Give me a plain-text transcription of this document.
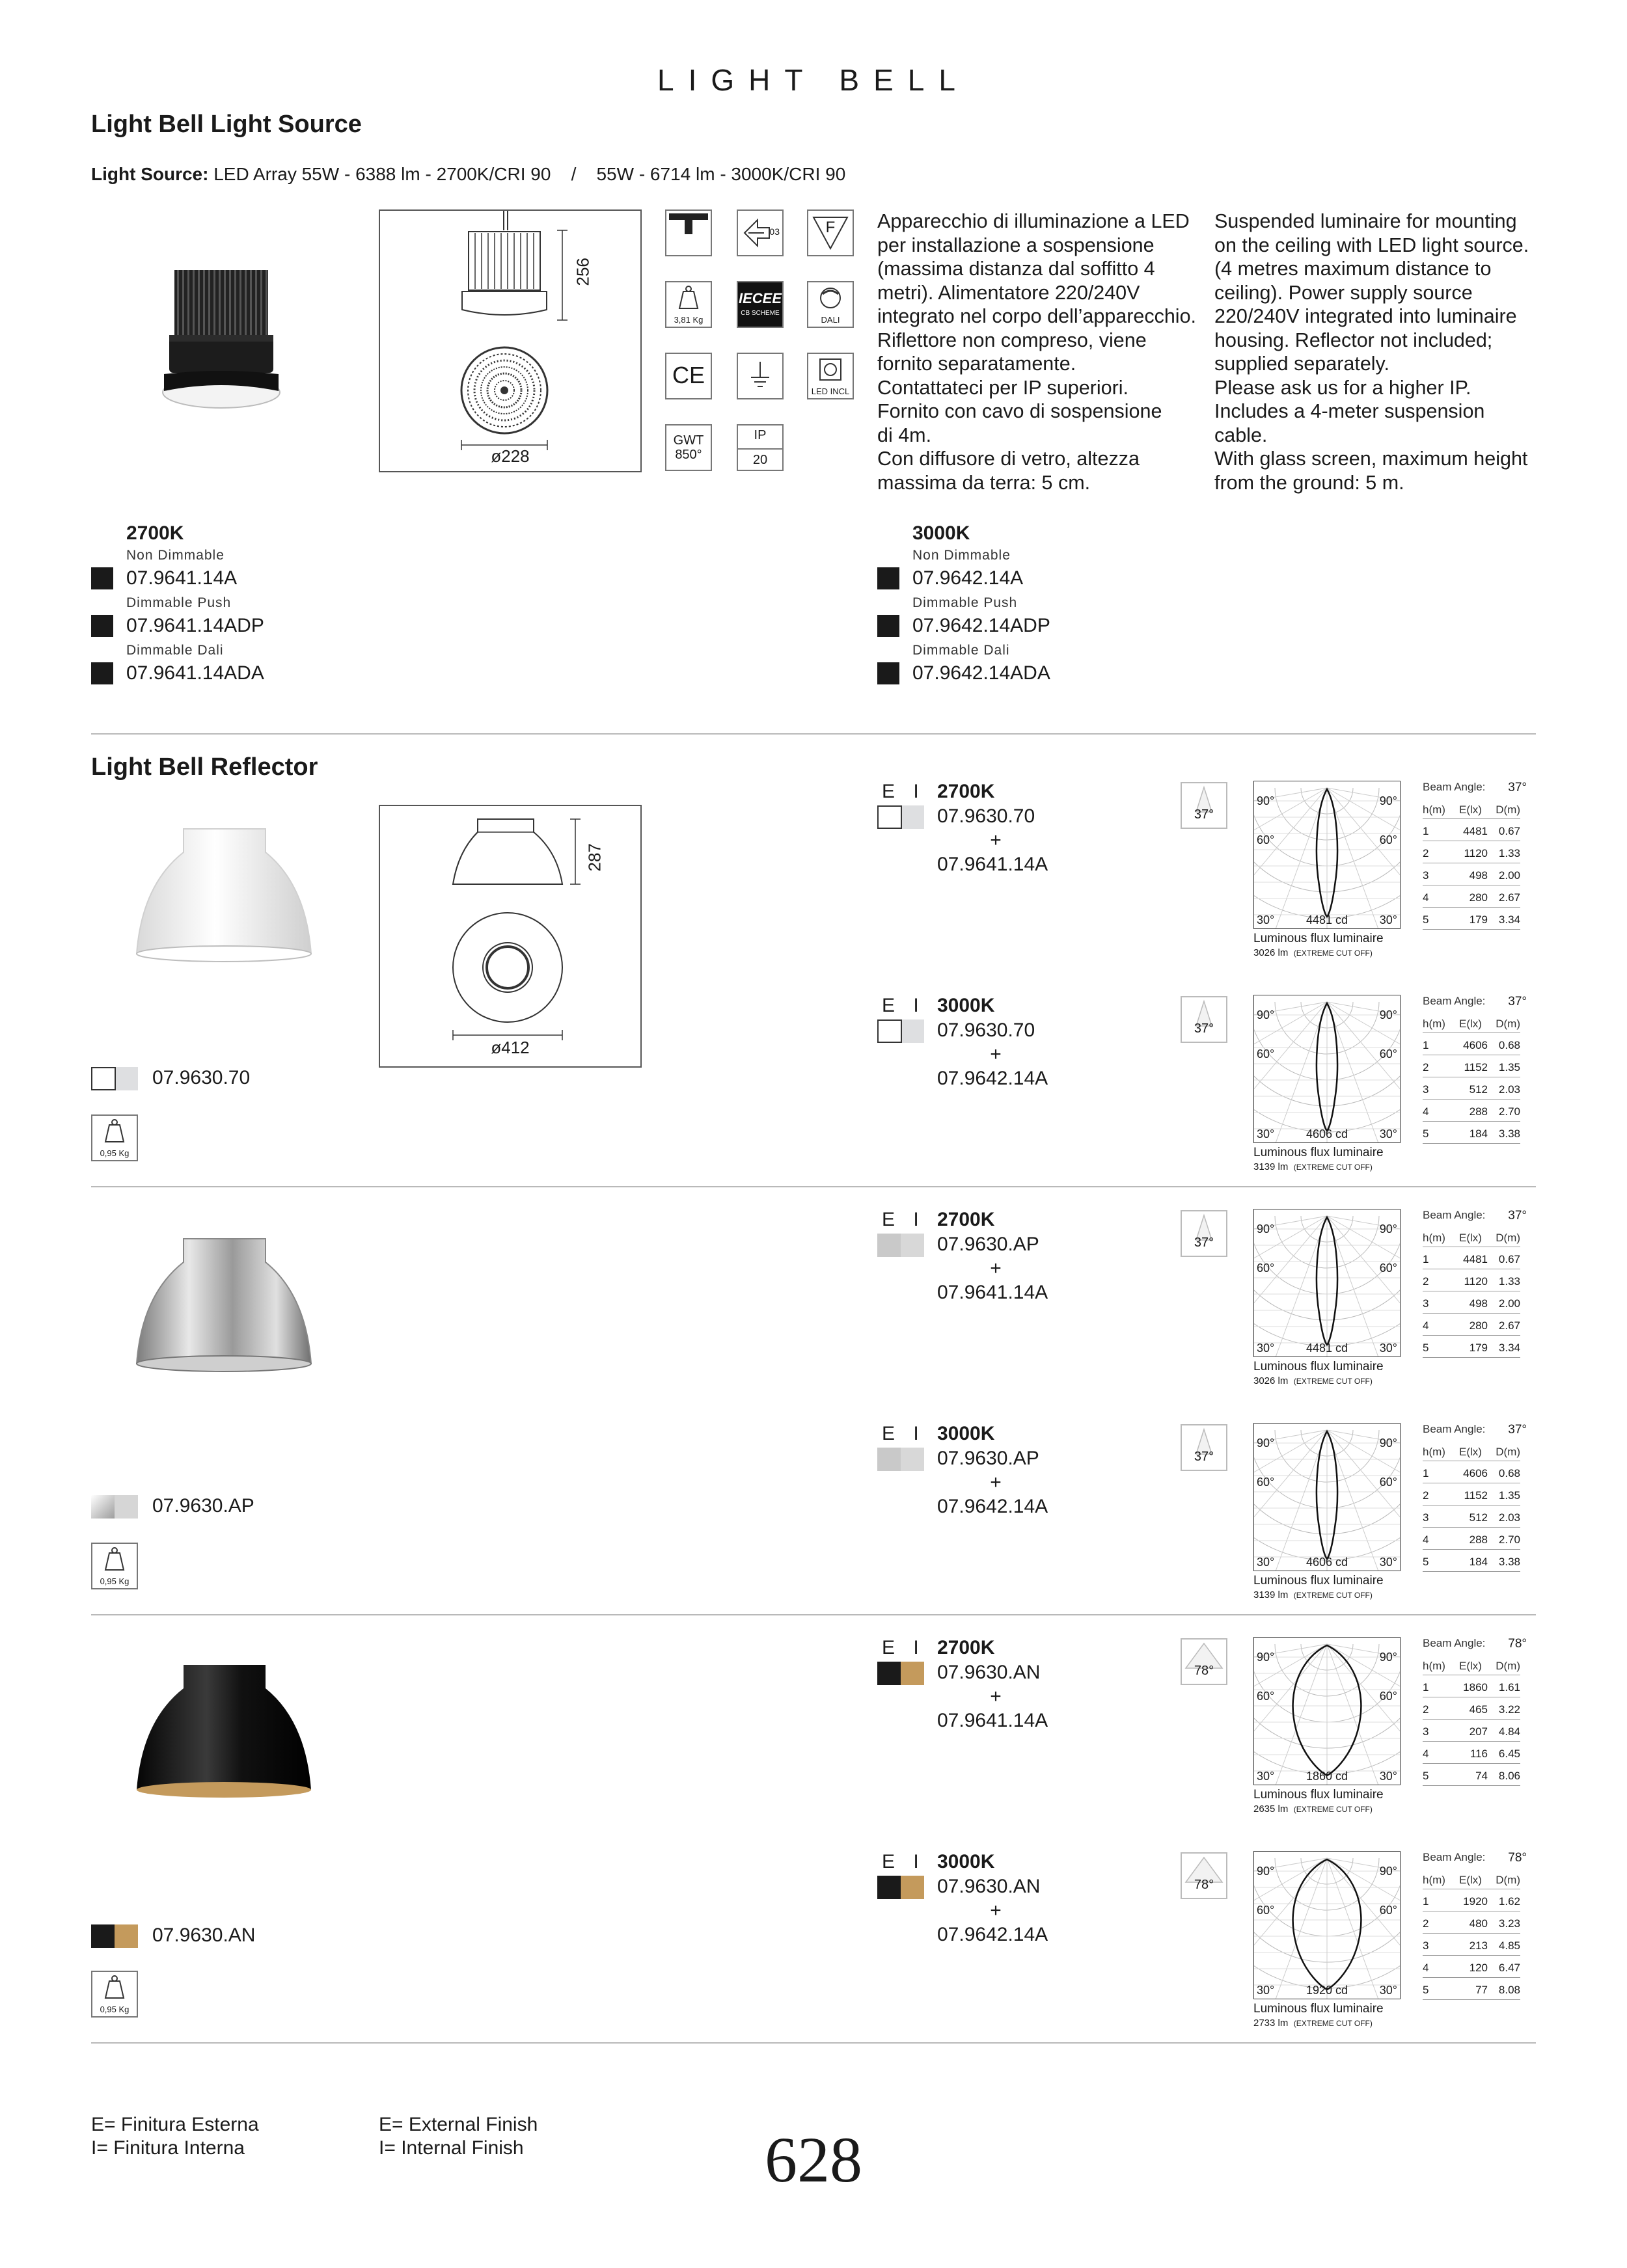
LIGHT BELL
Light Bell Light Source
Light Source: LED Array 55W - 6388 lm - 2700K/CRI 90    /    55W - 6714 lm - 3000K/CRI 90
256
ø228
03	F
3,81 Kg
IECEE
CB SCHEME
DALI
CE
LED INCL
GWT
850°
IP
20
Apparecchio di illuminazione a LED
per installazione a sospensione
(massima distanza dal soffitto 4
metri). Alimentatore 220/240V
integrato nel corpo dell’apparecchio.
Riflettore non compreso, viene
fornito separatamente.
Contattateci per IP superiori.
Fornito con cavo di sospensione
di 4m.
Con diffusore di vetro, altezza
massima da terra: 5 cm.
Suspended luminaire for mounting
on the ceiling with LED light source.
(4 metres maximum distance to
ceiling). Power supply source
220/240V integrated into luminaire
housing. Reflector not included;
supplied separately.
Please ask us for a higher IP.
Includes a 4-meter suspension
cable.
With glass screen, maximum height
from the ground: 5 m.
2700K
Non Dimmable
07.9641.14A
Dimmable Push
07.9641.14ADP
Dimmable Dali
07.9641.14ADA
3000K
Non Dimmable
07.9642.14A
Dimmable Push
07.9642.14ADP
Dimmable Dali
07.9642.14ADA
Light Bell Reflector
287
ø412
07.9630.70
0,95 Kg
07.9630.AP
0,95 Kg
07.9630.AN
0,95 Kg
E I 2700K
07.9630.70
+
07.9641.14A
37°
90°	90°
60°	60°
30°	30°
4481 cd
Luminous flux luminaire
3026 lm (EXTREME CUT OFF)
Beam Angle: 37°
h(m) E(lx) D(m)
1	4481 0.67
2	1120 1.33
3	498 2.00
4	280 2.67
5	179 3.34
E I 3000K
07.9630.70
+
07.9642.14A
37°
90°	90°
60°	60°
30°	30°
4606 cd
Luminous flux luminaire
3139 lm (EXTREME CUT OFF)
Beam Angle: 37°
h(m) E(lx) D(m)
1	4606 0.68
2	1152 1.35
3	512 2.03
4	288 2.70
5	184 3.38
E I 2700K
07.9630.AP
+
07.9641.14A
37°
90°	90°
60°	60°
30°	30°
4481 cd
Luminous flux luminaire
3026 lm (EXTREME CUT OFF)
Beam Angle: 37°
h(m) E(lx) D(m)
1	4481 0.67
2	1120 1.33
3	498 2.00
4	280 2.67
5	179 3.34
E I 3000K
07.9630.AP
+
07.9642.14A
37°
90°	90°
60°	60°
30°	30°
4606 cd
Luminous flux luminaire
3139 lm (EXTREME CUT OFF)
Beam Angle: 37°
h(m) E(lx) D(m)
1	4606 0.68
2	1152 1.35
3	512 2.03
4	288 2.70
5	184 3.38
E I 2700K
07.9630.AN
+
07.9641.14A
78°
90°	90°
60°	60°
30°	30°
1860 cd
Luminous flux luminaire
2635 lm (EXTREME CUT OFF)
Beam Angle: 78°
h(m) E(lx) D(m)
1	1860 1.61
2	465 3.22
3	207 4.84
4	116 6.45
5	74 8.06
E I 3000K
07.9630.AN
+
07.9642.14A
78°
90°	90°
60°	60°
30°	30°
1920 cd
Luminous flux luminaire
2733 lm (EXTREME CUT OFF)
Beam Angle: 78°
h(m) E(lx) D(m)
1	1920 1.62
2	480 3.23
3	213 4.85
4	120 6.47
5	77 8.08
E= Finitura Esterna
I= Finitura Interna
E= External Finish
I= Internal Finish	628
